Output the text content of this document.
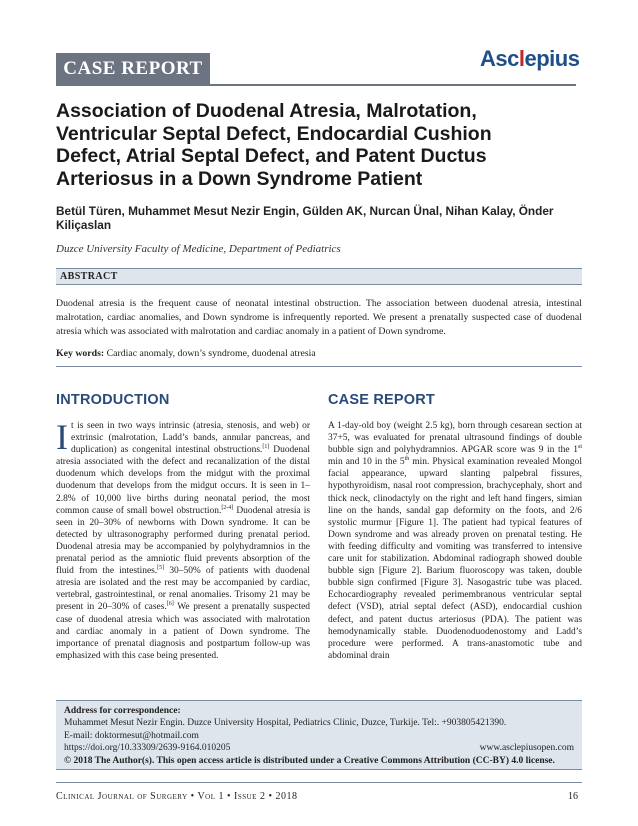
CASE REPORT	Asc l epius
Association of Duodenal Atresia, Malrotation, Ventricular Septal Defect, Endocardial Cushion Defect, Atrial Septal Defect, and Patent Ductus Arteriosus in a Down Syndrome Patient
Betül Türen, Muhammet Mesut Nezir Engin, Gülden AK, Nurcan Ünal, Nihan Kalay, Önder Kiliçaslan
Duzce University Faculty of Medicine, Department of Pediatrics
ABSTRACT
Duodenal atresia is the frequent cause of neonatal intestinal obstruction. The association between duodenal atresia, intestinal malrotation, cardiac anomalies, and Down syndrome is infrequently reported. We present a prenatally suspected case of duodenal atresia which was associated with malrotation and cardiac anomaly in a patient of Down syndrome.
Key words: Cardiac anomaly, down’s syndrome, duodenal atresia
INTRODUCTION
It is seen in two ways intrinsic (atresia, stenosis, and web) or extrinsic (malrotation, Ladd’s bands, annular pancreas, and duplication) as congenital intestinal obstructions.[1] Duodenal atresia associated with the defect and recanalization of the distal duodenum which develops from the midgut with the proximal duodenum that develops from the midgut occurs. It is seen in 1–2.8% of 10,000 live births during neonatal period, the most common cause of small bowel obstruction.[2-4] Duodenal atresia is seen in 20–30% of newborns with Down syndrome. It can be detected by ultrasonography performed during prenatal period. Duodenal atresia may be accompanied by polyhydramnios in the prenatal period as the amniotic fluid prevents absorption of the fluid from the intestines.[5] 30–50% of patients with duodenal atresia are isolated and the rest may be accompanied by cardiac, vertebral, gastrointestinal, or renal anomalies. Trisomy 21 may be present in 20–30% of cases.[6] We present a prenatally suspected case of duodenal atresia which was associated with malrotation and cardiac anomaly in a patient of Down syndrome. The importance of prenatal diagnosis and postpartum follow-up was emphasized with this case being presented.
CASE REPORT
A 1-day-old boy (weight 2.5 kg), born through cesarean section at 37+5, was evaluated for prenatal ultrasound findings of double bubble sign and polyhydramnios. APGAR score was 9 in the 1st min and 10 in the 5th min. Physical examination revealed Mongol facial appearance, upward slanting palpebral fissures, hypothyroidism, nasal root compression, brachycephaly, short and thick neck, clinodactyly on the right and left hand fingers, simian line on the hands, sandal gap deformity on the foots, and 2/6 systolic murmur [Figure 1]. The patient had typical features of Down syndrome and was already proven on prenatal testing. He with feeding difficulty and vomiting was transferred to intensive care unit for stabilization. Abdominal radiograph showed double bubble sign [Figure 2]. Barium fluoroscopy was taken, double bubble sign confirmed [Figure 3]. Nasogastric tube was placed. Echocardiography revealed perimembranous ventricular septal defect (VSD), atrial septal defect (ASD), endocardial cushion defect, and patent ductus arteriosus (PDA). The patient was hemodynamically stable. Duodenoduodenostomy and Ladd’s procedure were performed. A trans-anastomotic tube and abdominal drain
Address for correspondence:
Muhammet Mesut Nezir Engin. Duzce University Hospital, Pediatrics Clinic, Duzce, Turkije. Tel:. +903805421390.
E-mail: doktormesut@hotmail.com
https://doi.org/10.33309/2639-9164.010205	www.asclepiusopen.com
© 2018 The Author(s). This open access article is distributed under a Creative Commons Attribution (CC-BY) 4.0 license.
Clinical Journal of Surgery • Vol 1 • Issue 2 • 2018	16
